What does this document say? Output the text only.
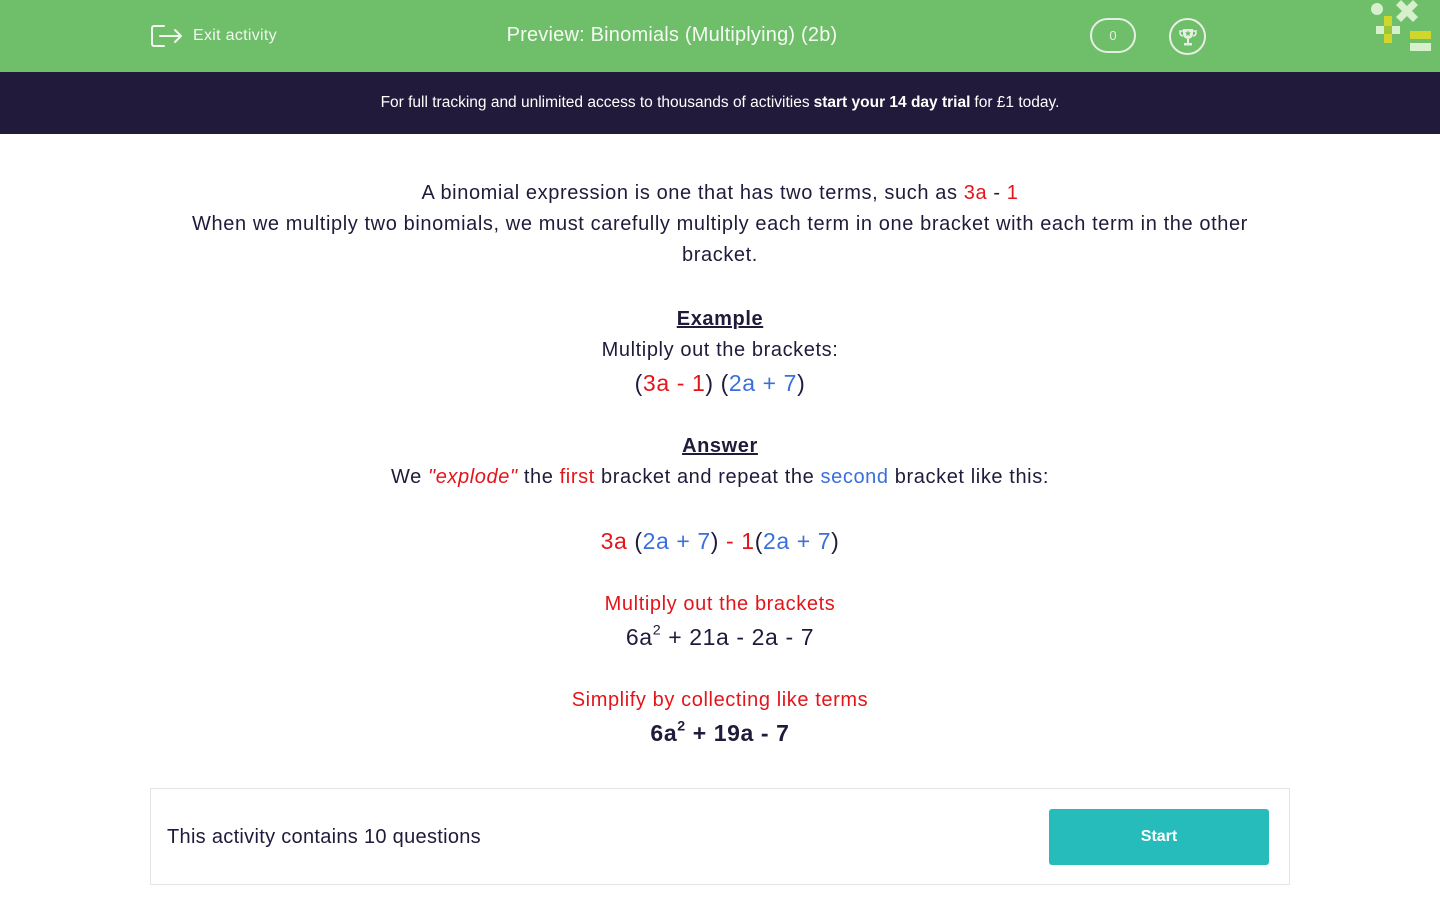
Exit activity	Preview: Binomials (Multiplying) (2b)	0
For full tracking and unlimited access to thousands of activities start your 14 day trial for £1 today.
A binomial expression is one that has two terms, such as 3a - 1
When we multiply two binomials, we must carefully multiply each term in one bracket with each term in the other bracket.
Example
Multiply out the brackets:
(3a - 1) (2a + 7)
Answer
We "explode" the first bracket and repeat the second bracket like this:
3a (2a + 7) - 1(2a + 7)
Multiply out the brackets
$6a^2 + 21a - 2a - 7$
Simplify by collecting like terms
$6a^2 + 19a - 7$
This activity contains 10 questions	Start
